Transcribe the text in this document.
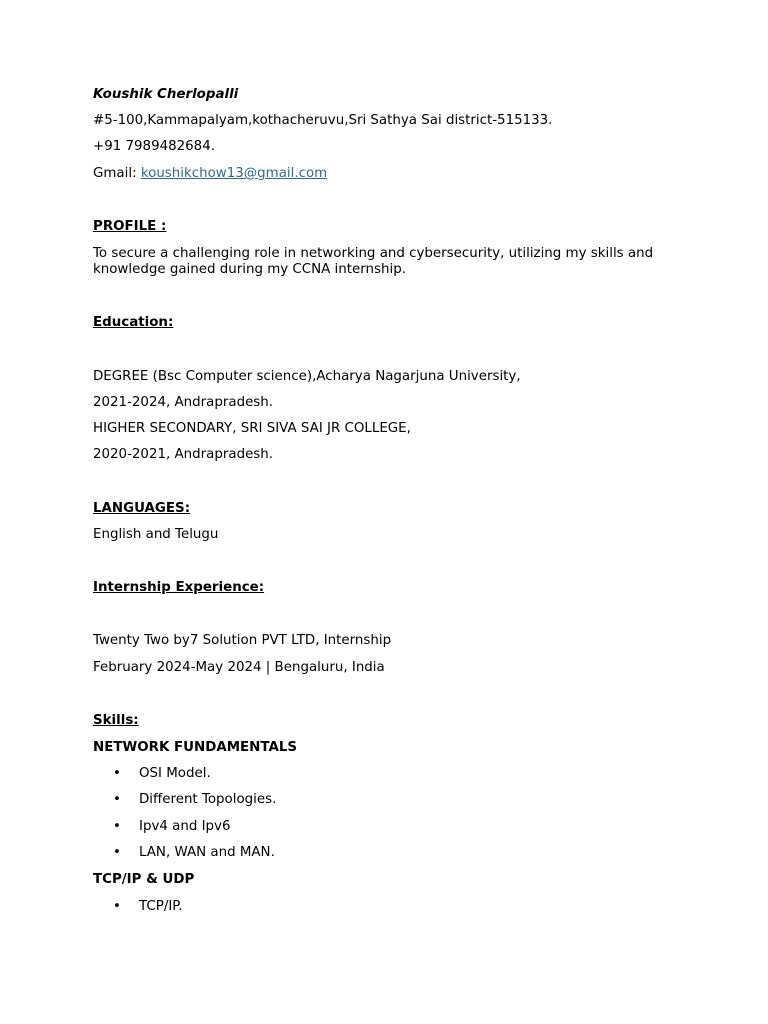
Koushik Cherlopalli
#5-100,Kammapalyam,kothacheruvu,Sri Sathya Sai district-515133.
+91 7989482684.
Gmail: koushikchow13@gmail.com
PROFILE :
To secure a challenging role in networking and cybersecurity, utilizing my skills and knowledge gained during my CCNA internship.
Education:
DEGREE (Bsc Computer science),Acharya Nagarjuna University,
2021-2024, Andrapradesh.
HIGHER SECONDARY, SRI SIVA SAI JR COLLEGE,
2020-2021, Andrapradesh.
LANGUAGES:
English and Telugu
Internship Experience:
Twenty Two by7 Solution PVT LTD, Internship
February 2024-May 2024 | Bengaluru, India
Skills:
NETWORK FUNDAMENTALS
• OSI Model.
• Different Topologies.
• Ipv4 and Ipv6
• LAN, WAN and MAN.
TCP/IP & UDP
• TCP/IP.
